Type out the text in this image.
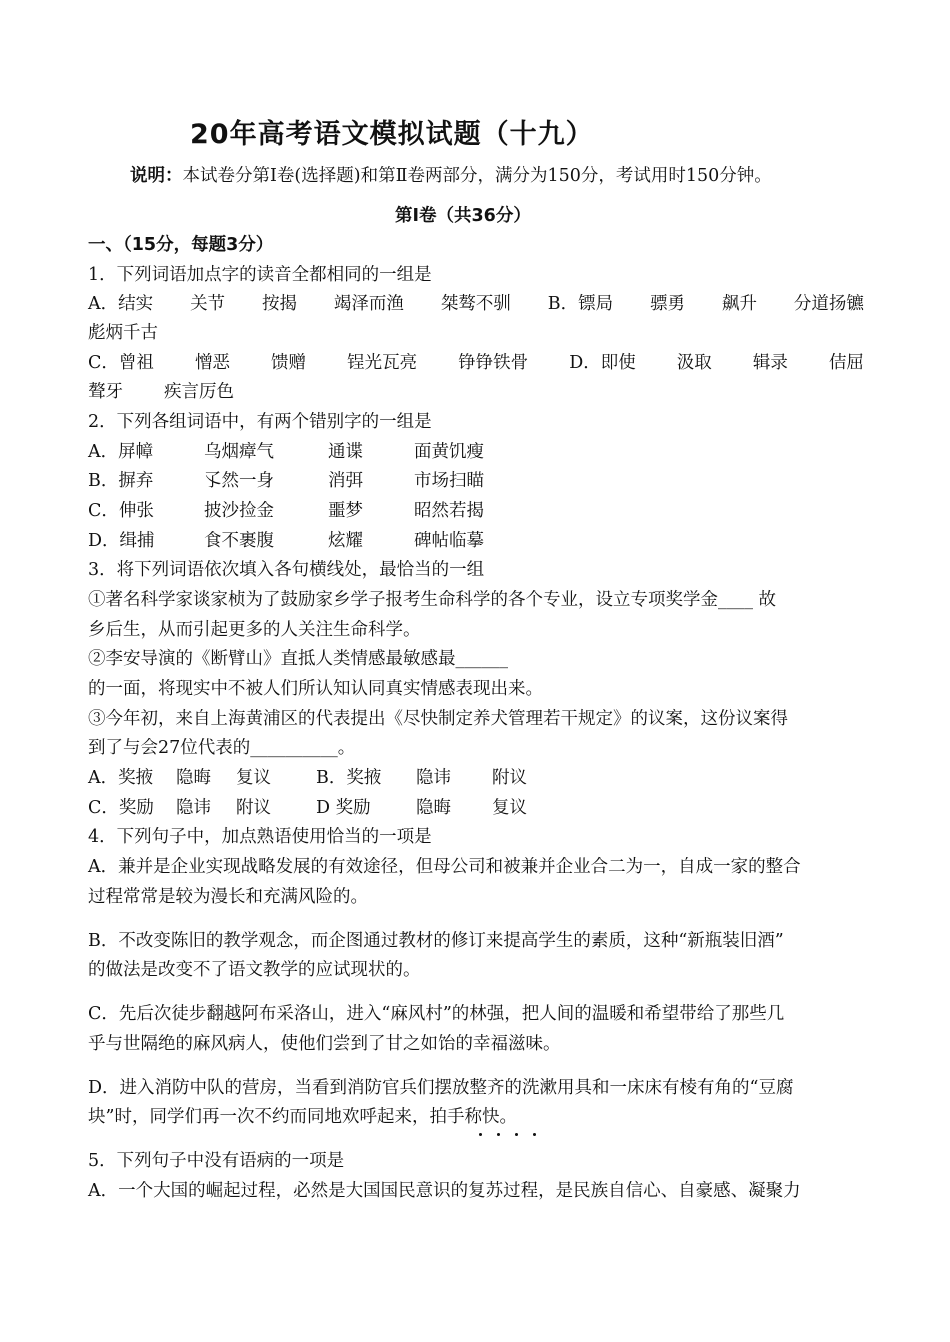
20年高考语文模拟试题（十九）
说明：本试卷分第Ⅰ卷(选择题)和第Ⅱ卷两部分，满分为150分，考试用时150分钟。
第Ⅰ卷（共36分）
一、（15分，每题3分）
1．下列词语加点字的读音全都相同的一组是
A．结实 关节 按揭 竭泽而渔 桀骜不驯 B．镖局 骠勇 飙升 分道扬镳
彪炳千古
C．曾祖 憎恶 馈赠 锃光瓦亮 铮铮铁骨 D．即使 汲取 辑录 佶屈
聱牙	疾言厉色
2．下列各组词语中，有两个错别字的一组是
A．屏幛	乌烟瘴气	通谍	面黄饥瘦
B．摒弃	孓然一身	消弭	市场扫瞄
C．伸张	披沙捡金	噩梦	昭然若揭
D．缉捕	食不裹腹	炫耀	碑帖临摹
3．将下列词语依次填入各句横线处，最恰当的一组
①著名科学家谈家桢为了鼓励家乡学子报考生命科学的各个专业，设立专项奖学金____ 故
乡后生，从而引起更多的人关注生命科学。
②李安导演的《断臂山》直抵人类情感最敏感最______
的一面，将现实中不被人们所认知认同真实情感表现出来。
③今年初，来自上海黄浦区的代表提出《尽快制定养犬管理若干规定》的议案，这份议案得
到了与会27位代表的__________。
A．奖掖	隐晦	复议	B．奖掖	隐讳	附议
C．奖励	隐讳	附议	D 奖励	隐晦	复议
4．下列句子中，加点熟语使用恰当的一项是
A．兼并是企业实现战略发展的有效途径，但母公司和被兼并企业合二为一，自成一家的整合
过程常常是较为漫长和充满风险的。
B．不改变陈旧的教学观念，而企图通过教材的修订来提高学生的素质，这种“新瓶装旧酒”
的做法是改变不了语文教学的应试现状的。
C．先后次徒步翻越阿布采洛山，进入“麻风村”的林强，把人间的温暖和希望带给了那些几
乎与世隔绝的麻风病人，使他们尝到了甘之如饴的幸福滋味。
D．进入消防中队的营房，当看到消防官兵们摆放整齐的洗漱用具和一床床有棱有角的“豆腐
块”时，同学们再一次不约而同地欢呼起来，拍手称快。
5．下列句子中没有语病的一项是
A．一个大国的崛起过程，必然是大国国民意识的复苏过程，是民族自信心、自豪感、凝聚力
